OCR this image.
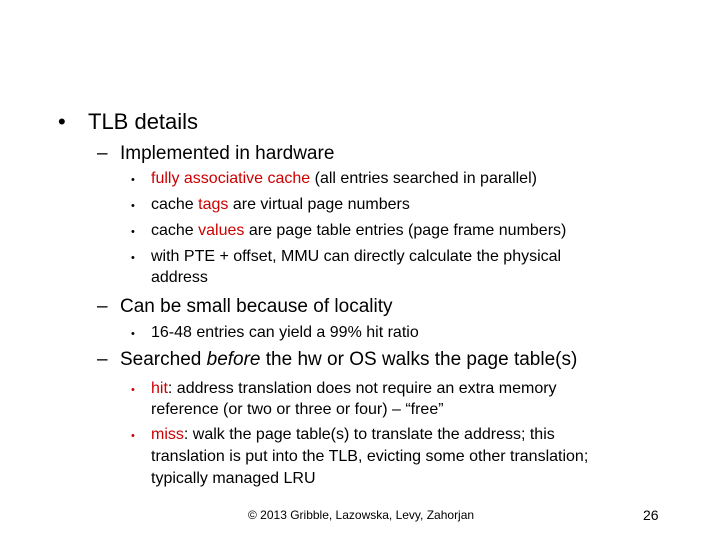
• TLB details
– Implemented in hardware
• fully associative cache (all entries searched in parallel)
• cache tags are virtual page numbers
• cache values are page table entries (page frame numbers)
• with PTE + offset, MMU can directly calculate the physical
address
– Can be small because of locality
• 16-48 entries can yield a 99% hit ratio
– Searched before the hw or OS walks the page table(s)
• hit: address translation does not require an extra memory
reference (or two or three or four) – “free”
• miss: walk the page table(s) to translate the address; this
translation is put into the TLB, evicting some other translation;
typically managed LRU
© 2013 Gribble, Lazowska, Levy, Zahorjan	26
